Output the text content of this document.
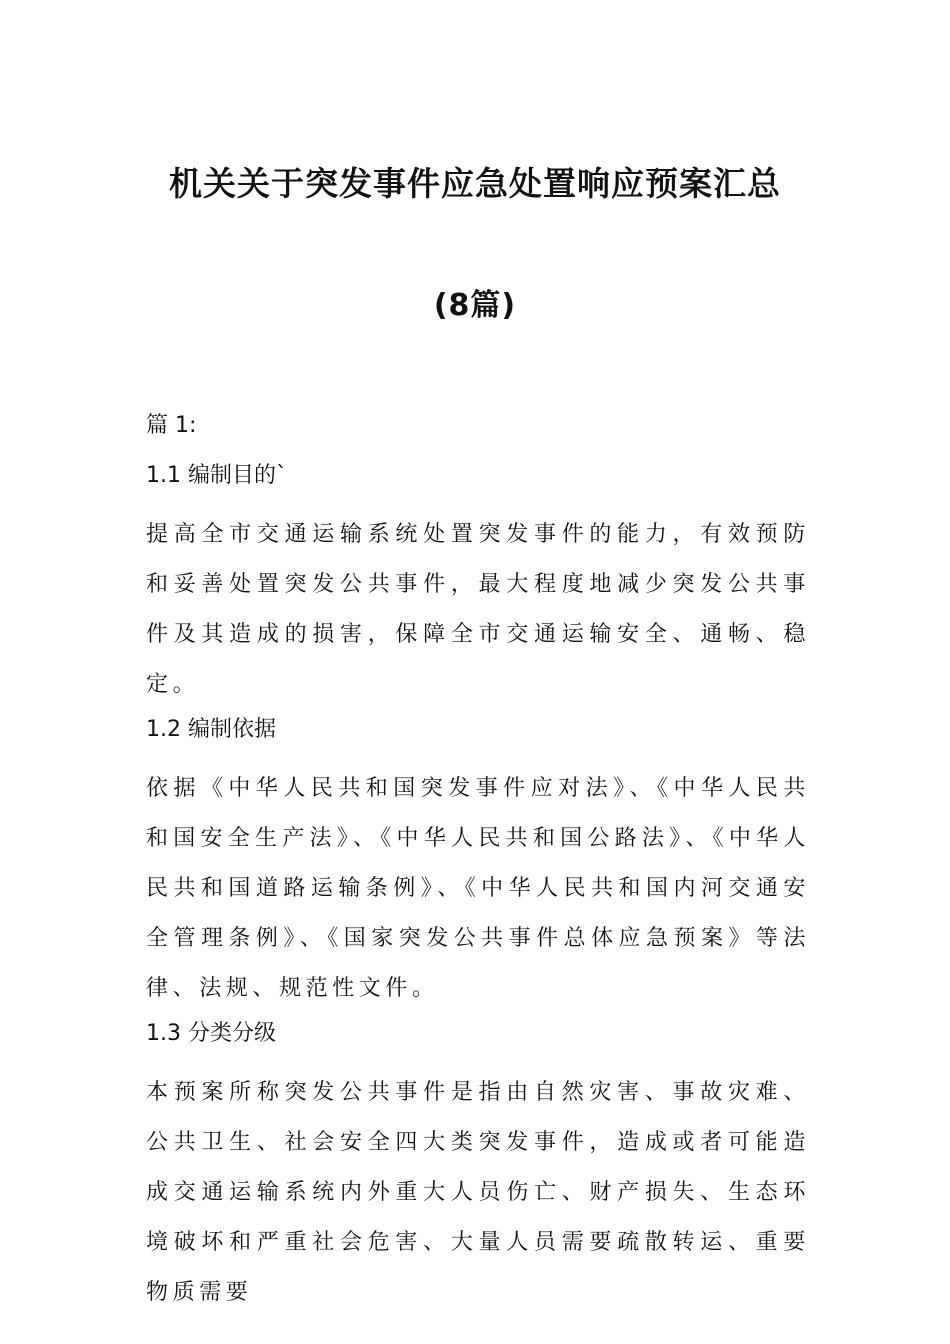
机关关于突发事件应急处置响应预案汇总
(8篇)
篇 1:
1.1 编制目的`
提高全市交通运输系统处置突发事件的能力，有效预防和妥善处置突发公共事件，最大程度地减少突发公共事件及其造成的损害，保障全市交通运输安全、通畅、稳定。
1.2 编制依据
依据《中华人民共和国突发事件应对法》、《中华人民共和国安全生产法》、《中华人民共和国公路法》、《中华人民共和国道路运输条例》、《中华人民共和国内河交通安全管理条例》、《国家突发公共事件总体应急预案》等法律、法规、规范性文件。
1.3 分类分级
本预案所称突发公共事件是指由自然灾害、事故灾难、公共卫生、社会安全四大类突发事件，造成或者可能造成交通运输系统内外重大人员伤亡、财产损失、生态环境破坏和严重社会危害、大量人员需要疏散转运、重要物质需要
